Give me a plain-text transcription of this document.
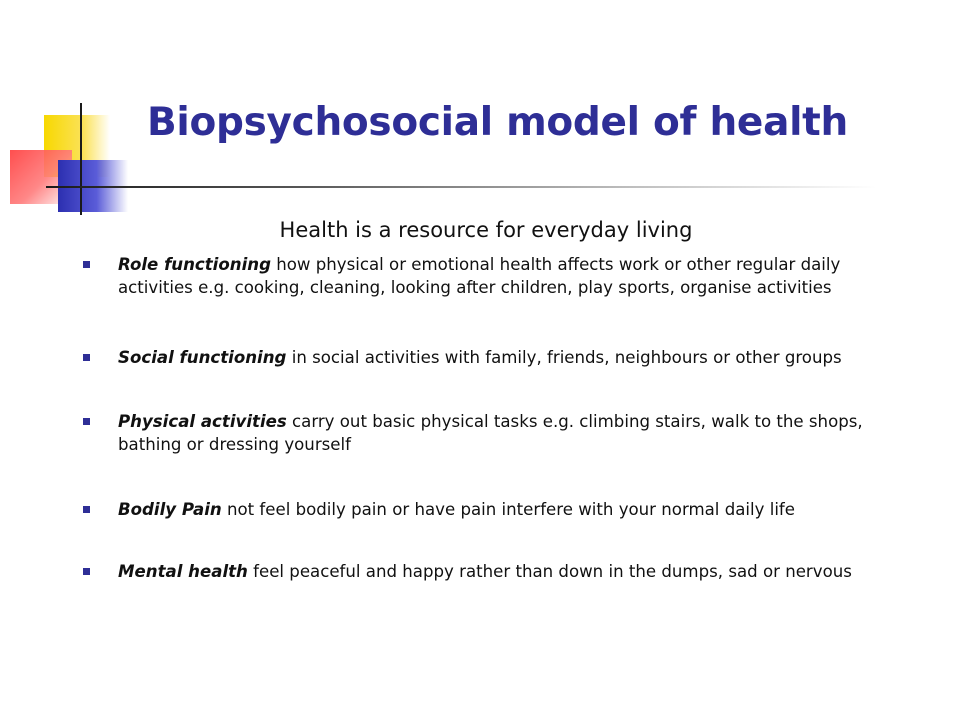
Biopsychosocial model of health

Health is a resource for everyday living

Role functioning how physical or emotional health affects work or other regular daily activities e.g. cooking, cleaning, looking after children, play sports, organise activities
Social functioning in social activities with family, friends, neighbours or other groups
Physical activities carry out basic physical tasks e.g. climbing stairs, walk to the shops, bathing or dressing yourself
Bodily Pain not feel bodily pain or have pain interfere with your normal daily life
Mental health feel peaceful and happy rather than down in the dumps, sad or nervous
